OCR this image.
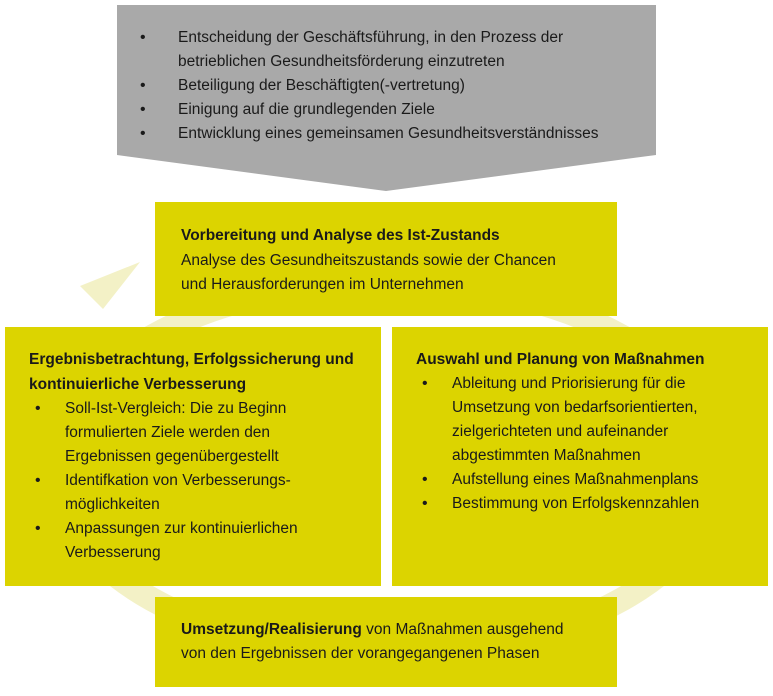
• Entscheidung der Geschäftsführung, in den Prozess der
betrieblichen Gesundheitsförderung einzutreten
• Beteiligung der Beschäftigten(-vertretung)
• Einigung auf die grundlegenden Ziele
• Entwicklung eines gemeinsamen Gesundheitsverständnisses
Vorbereitung und Analyse des Ist-Zustands
Analyse des Gesundheitszustands sowie der Chancen
und Herausforderungen im Unternehmen
Ergebnisbetrachtung, Erfolgssicherung und
kontinuierliche Verbesserung
• Soll-Ist-Vergleich: Die zu Beginn
formulierten Ziele werden den
Ergebnissen gegenübergestellt
• Identifkation von Verbesserungs-
möglichkeiten
• Anpassungen zur kontinuierlichen
Verbesserung
Auswahl und Planung von Maßnahmen
• Ableitung und Priorisierung für die
Umsetzung von bedarfsorientierten,
zielgerichteten und aufeinander
abgestimmten Maßnahmen
• Aufstellung eines Maßnahmenplans
• Bestimmung von Erfolgskennzahlen
Umsetzung/Realisierung von Maßnahmen ausgehend
von den Ergebnissen der vorangegangenen Phasen
